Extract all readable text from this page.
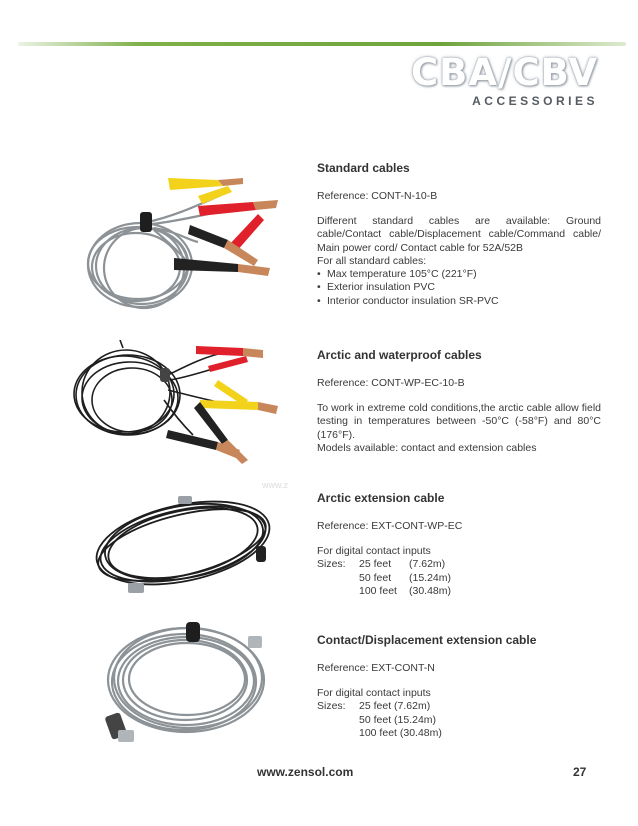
CBA/CBV
ACCESSORIES
www.z
Standard cables
Reference: CONT-N-10-B
Different standard cables are available: Ground cable/Contact cable/Displacement cable/Command cable/ Main power cord/ Contact cable for 52A/52B
For all standard cables:
• Max temperature 105°C (221°F)
• Exterior insulation PVC
• Interior conductor insulation SR-PVC
Arctic and waterproof cables
Reference: CONT-WP-EC-10-B
To work in extreme cold conditions,the arctic cable allow field testing in temperatures between -50°C (-58°F) and 80°C (176°F).
Models available: contact and extension cables
Arctic extension cable
Reference: EXT-CONT-WP-EC
For digital contact inputs
Sizes:	25 feet	(7.62m)
50 feet	(15.24m)
100 feet	(30.48m)
Contact/Displacement extension cable
Reference: EXT-CONT-N
For digital contact inputs
Sizes:	25 feet (7.62m)
50 feet (15.24m)
100 feet (30.48m)
www.zensol.com	27
